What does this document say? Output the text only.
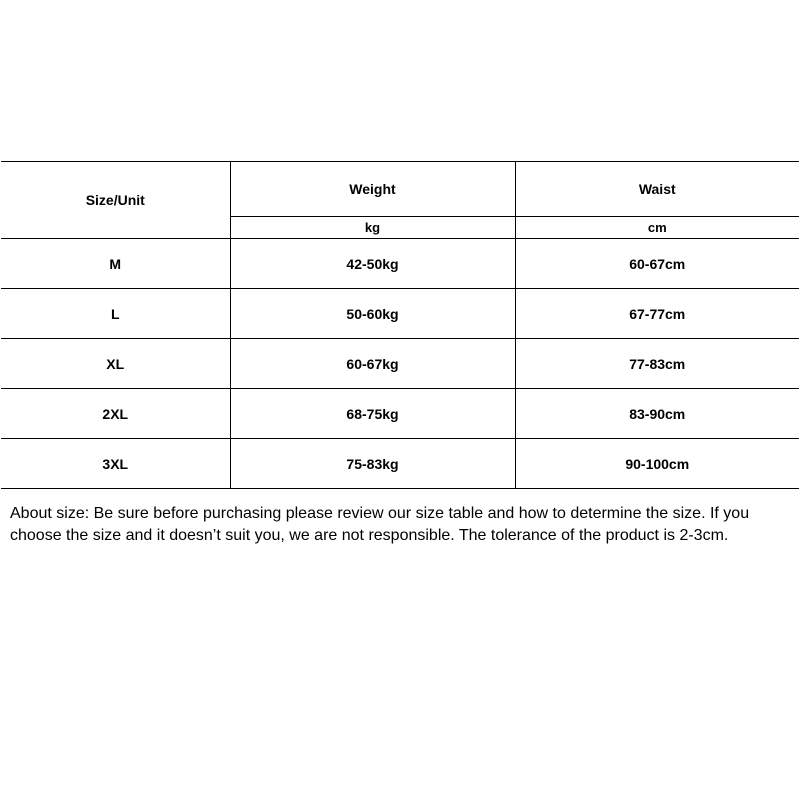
Size/Unit	Weight	Waist
	kg	cm
M	42-50kg	60-67cm
L	50-60kg	67-77cm
XL	60-67kg	77-83cm
2XL	68-75kg	83-90cm
3XL	75-83kg	90-100cm
About size: Be sure before purchasing please review our size table and how to determine the size. If you choose the size and it doesn’t suit you, we are not responsible. The tolerance of the product is 2-3cm.
